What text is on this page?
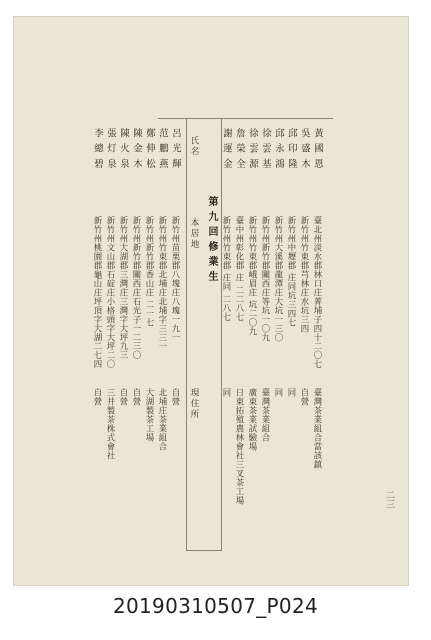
二三
氏名
本居地
現住所
第九回修業生
黃國恩
吳盛木
邱印隆
邱永鴻
徐雲基
徐雲源
詹榮全
謝運金
臺北州淡水郡林口庄菁埔子四十二〇七
新竹州竹東郡芎林庄水坑三四
新竹州中壢郡 庄同坑三四七
新竹州大溪郡龍潭庄大坑一三〇
新竹州新竹郡關西庄等坑一〇九
新竹州竹東郡峨眉庄 坑二〇九
臺中州彰化郡 庄 二二八七
新竹州竹東郡 庄同 二八七
臺灣茶業組合當該鎮
自營
同
同
臺灣茶業組合
廣東茶業試驗場
日東拓殖農林會社三叉茶工場
同
呂光輝
范鵬燕
鄭伸松
陳金木
陳火泉
張灯泉
李總碧
新竹州苗栗郡八塊庄八塊一九一
新竹州竹東郡北埔庄北埔字三三一
新竹州新竹郡香山庄 二一七
新竹州新竹郡關西庄石光子一二三〇
新竹州大湖郡三灣庄三灣字大坪九三
新竹州文山郡石碇庄小格頭字大坪二〇
新竹州桃園郡龜山庄坪頂字大湖二七四
自營
北埔庄茶業組合
大湖製茶工場
自營
自營
三井製茶株式會社
自營
20190310507_P024
